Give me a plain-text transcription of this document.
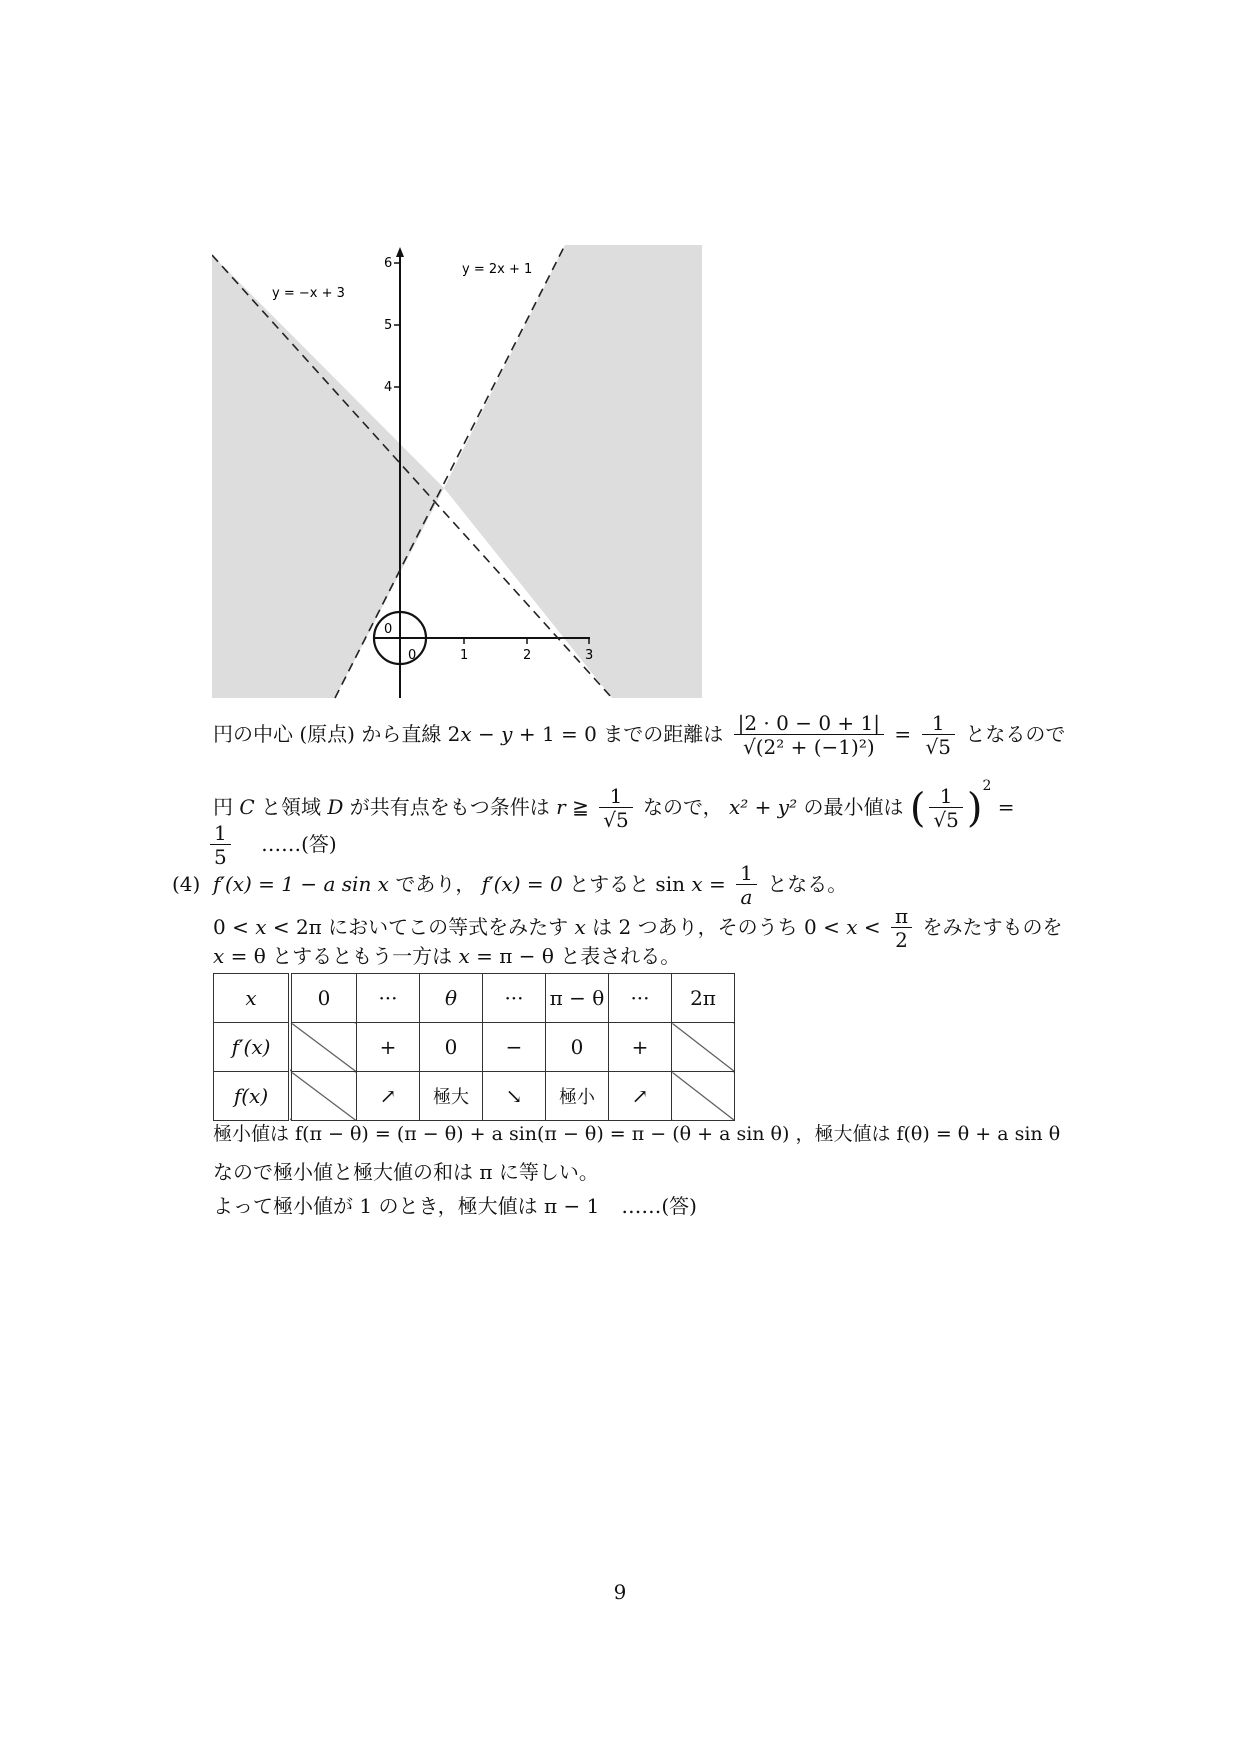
y = −x + 3
y = 2x + 1
6
5
4
1	2	3
0
0
円の中心 (原点) から直線 2x − y + 1 = 0 までの距離は $\frac{|2 \cdot 0 - 0 + 1|}{\text{√(2² + (−1)²)}} = \frac{1}{√5}$ となるので
円 C と領域 D が共有点をもつ条件は r ≧ $\frac{1}{√5}$ なので， x² + y² の最小値は ( $\frac{1}{√5} )^2$ =
$\frac{1}{5}$ ……(答)
(4) f′(x) = 1 − a sin x であり， f′(x) = 0 とすると $\sin x = \frac{1}{a}$ となる。
0 < x < 2π においてこの等式をみたす x は 2 つあり，そのうち $0 < x < \frac{\pi}{2}$ をみたすものを
x = θ とするともう一方は x = π − θ と表される。
x	0	···	θ	···	π − θ	···	2π
f′(x)		+	0	−	0	+	
f(x)		↗	極大	↘	極小	↗	
極小値は f(π − θ) = (π − θ) + a sin(π − θ) = π − (θ + a sin θ) ，極大値は f(θ) = θ + a sin θ
なので極小値と極大値の和は π に等しい。
よって極小値が 1 のとき，極大値は π − 1 ……(答)
9
